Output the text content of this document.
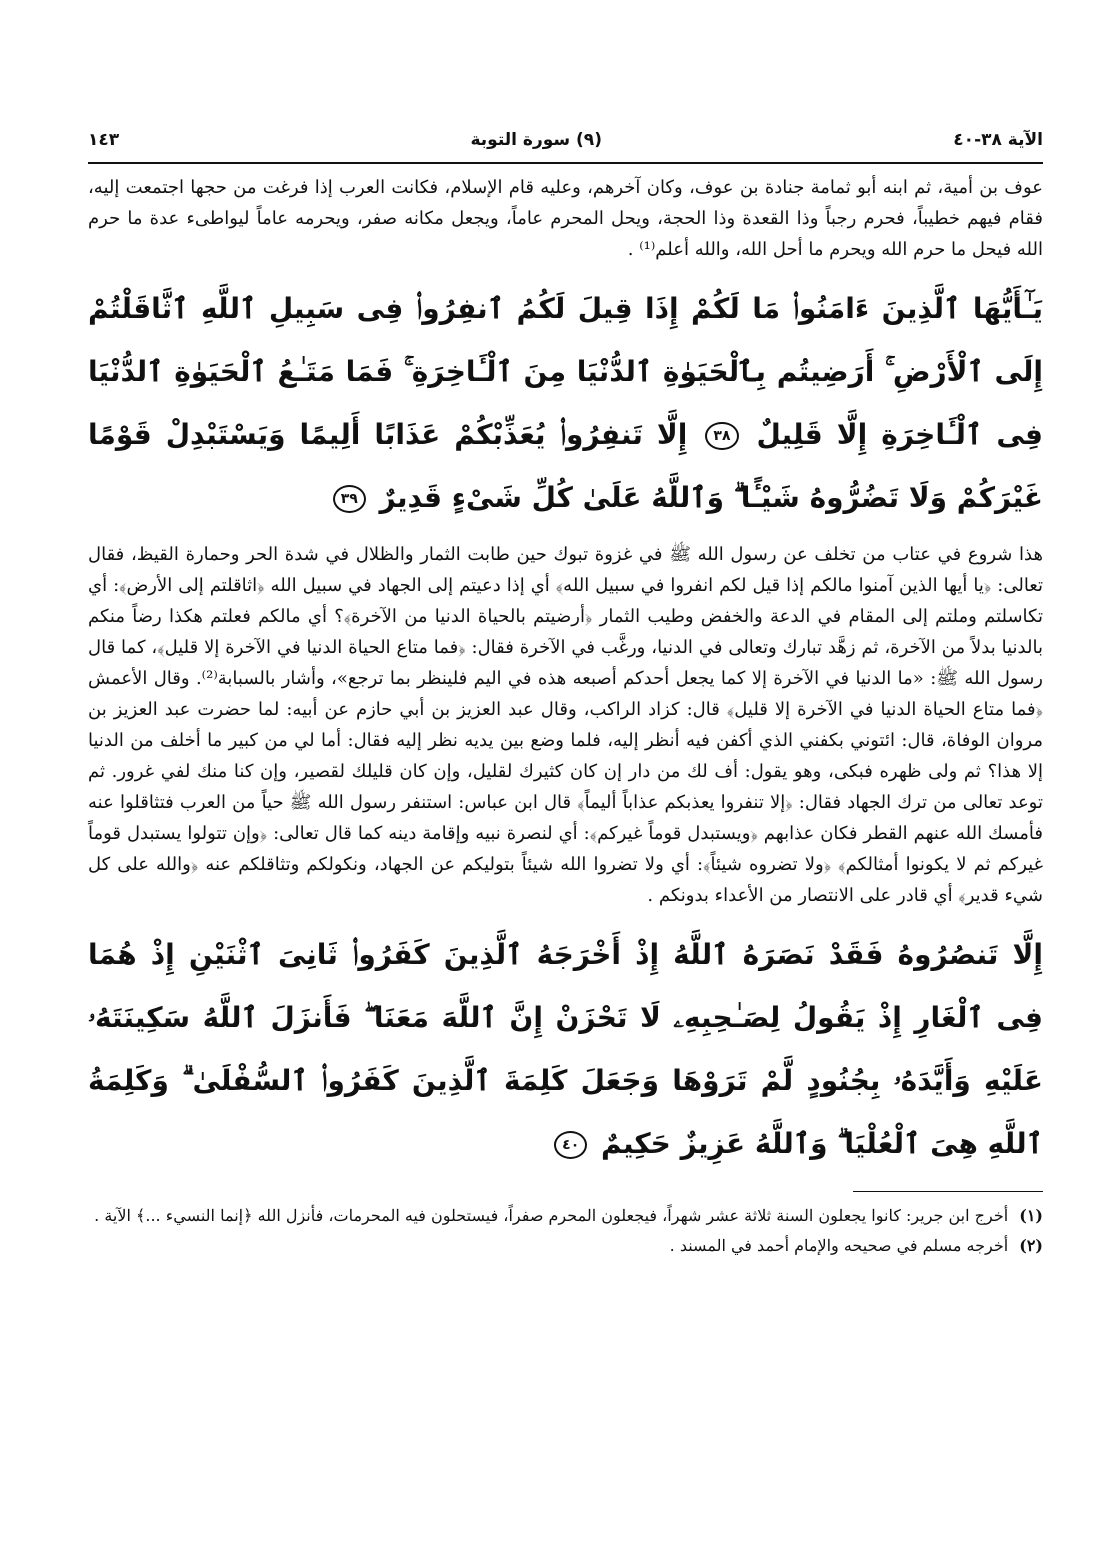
الآية ٣٨-٤٠
(٩) سورة التوبة
١٤٣

عوف بن أمية، ثم ابنه أبو ثمامة جنادة بن عوف، وكان آخرهم، وعليه قام الإسلام، فكانت العرب إذا فرغت من حجها اجتمعت إليه، فقام فيهم خطيباً، فحرم رجباً وذا القعدة وذا الحجة، ويحل المحرم عاماً، ويجعل مكانه صفر، ويحرمه عاماً ليواطىء عدة ما حرم الله فيحل ما حرم الله ويحرم ما أحل الله، والله أعلم⁽¹⁾ .

يَـٰٓأَيُّهَا ٱلَّذِينَ ءَامَنُوا۟ مَا لَكُمْ إِذَا قِيلَ لَكُمُ ٱنفِرُوا۟ فِى سَبِيلِ ٱللَّهِ ٱثَّاقَلْتُمْ إِلَى ٱلْأَرْضِ ۚ أَرَضِيتُم بِٱلْحَيَوٰةِ ٱلدُّنْيَا مِنَ ٱلْـَٔاخِرَةِ ۚ فَمَا مَتَـٰعُ ٱلْحَيَوٰةِ ٱلدُّنْيَا فِى ٱلْـَٔاخِرَةِ إِلَّا قَلِيلٌ ٣٨ إِلَّا تَنفِرُوا۟ يُعَذِّبْكُمْ عَذَابًا أَلِيمًا وَيَسْتَبْدِلْ قَوْمًا غَيْرَكُمْ وَلَا تَضُرُّوهُ شَيْـًٔا ۗ وَٱللَّهُ عَلَىٰ كُلِّ شَىْءٍ قَدِيرٌ ٣٩

هذا شروع في عتاب من تخلف عن رسول الله ﷺ في غزوة تبوك حين طابت الثمار والظلال في شدة الحر وحمارة القيظ، فقال تعالى: ﴿يا أيها الذين آمنوا مالكم إذا قيل لكم انفروا في سبيل الله﴾ أي إذا دعيتم إلى الجهاد في سبيل الله ﴿اثاقلتم إلى الأرض﴾: أي تكاسلتم وملتم إلى المقام في الدعة والخفض وطيب الثمار ﴿أرضيتم بالحياة الدنيا من الآخرة﴾؟ أي مالكم فعلتم هكذا رضاً منكم بالدنيا بدلاً من الآخرة، ثم زهَّد تبارك وتعالى في الدنيا، ورغَّب في الآخرة فقال: ﴿فما متاع الحياة الدنيا في الآخرة إلا قليل﴾، كما قال رسول الله ﷺ: «ما الدنيا في الآخرة إلا كما يجعل أحدكم أصبعه هذه في اليم فلينظر بما ترجع»، وأشار بالسبابة⁽²⁾. وقال الأعمش ﴿فما متاع الحياة الدنيا في الآخرة إلا قليل﴾ قال: كزاد الراكب، وقال عبد العزيز بن أبي حازم عن أبيه: لما حضرت عبد العزيز بن مروان الوفاة، قال: ائتوني بكفني الذي أكفن فيه أنظر إليه، فلما وضع بين يديه نظر إليه فقال: أما لي من كبير ما أخلف من الدنيا إلا هذا؟ ثم ولى ظهره فبكى، وهو يقول: أف لك من دار إن كان كثيرك لقليل، وإن كان قليلك لقصير، وإن كنا منك لفي غرور. ثم توعد تعالى من ترك الجهاد فقال: ﴿إلا تنفروا يعذبكم عذاباً أليماً﴾ قال ابن عباس: استنفر رسول الله ﷺ حياً من العرب فتثاقلوا عنه فأمسك الله عنهم القطر فكان عذابهم ﴿ويستبدل قوماً غيركم﴾: أي لنصرة نبيه وإقامة دينه كما قال تعالى: ﴿وإن تتولوا يستبدل قوماً غيركم ثم لا يكونوا أمثالكم﴾ ﴿ولا تضروه شيئاً﴾: أي ولا تضروا الله شيئاً بتوليكم عن الجهاد، ونكولكم وتثاقلكم عنه ﴿والله على كل شيء قدير﴾ أي قادر على الانتصار من الأعداء بدونكم .

إِلَّا تَنصُرُوهُ فَقَدْ نَصَرَهُ ٱللَّهُ إِذْ أَخْرَجَهُ ٱلَّذِينَ كَفَرُوا۟ ثَانِىَ ٱثْنَيْنِ إِذْ هُمَا فِى ٱلْغَارِ إِذْ يَقُولُ لِصَـٰحِبِهِۦ لَا تَحْزَنْ إِنَّ ٱللَّهَ مَعَنَا ۖ فَأَنزَلَ ٱللَّهُ سَكِينَتَهُۥ عَلَيْهِ وَأَيَّدَهُۥ بِجُنُودٍ لَّمْ تَرَوْهَا وَجَعَلَ كَلِمَةَ ٱلَّذِينَ كَفَرُوا۟ ٱلسُّفْلَىٰ ۗ وَكَلِمَةُ ٱللَّهِ هِىَ ٱلْعُلْيَا ۗ وَٱللَّهُ عَزِيزٌ حَكِيمٌ ٤٠

(١) أخرج ابن جرير: كانوا يجعلون السنة ثلاثة عشر شهراً، فيجعلون المحرم صفراً، فيستحلون فيه المحرمات، فأنزل الله ﴿إنما النسيء ...﴾ الآية .

(٢) أخرجه مسلم في صحيحه والإمام أحمد في المسند .
